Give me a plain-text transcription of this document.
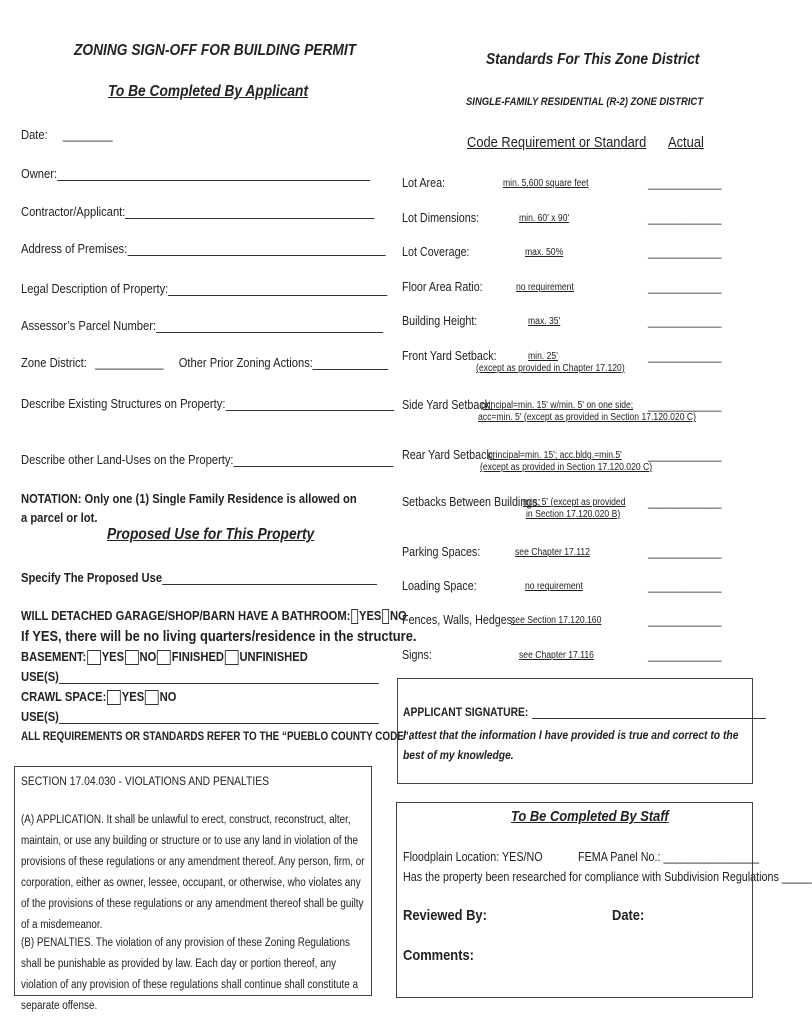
ZONING SIGN-OFF FOR BUILDING PERMIT
To Be Completed By Applicant
Date: ________
Owner:
Contractor/Applicant:
Address of Premises:
Legal Description of Property:
Assessor’s Parcel Number:
Zone District: ___________ Other Prior Zoning Actions:
Describe Existing Structures on Property:
Describe other Land-Uses on the Property:
NOTATION: Only one (1) Single Family Residence is allowed on a parcel or lot.
Proposed Use for This Property
Specify The Proposed Use
WILL DETACHED GARAGE/SHOP/BARN HAVE A BATHROOM: YES NO
If YES, there will be no living quarters/residence in the structure.
BASEMENT: YES NO FINISHED UNFINISHED
USE(S)
CRAWL SPACE: YES NO
USE(S)
ALL REQUIREMENTS OR STANDARDS REFER TO THE “PUEBLO COUNTY CODE”.
SECTION 17.04.030 - VIOLATIONS AND PENALTIES
(A) APPLICATION. It shall be unlawful to erect, construct, reconstruct, alter, maintain, or use any building or structure or to use any land in violation of the provisions of these regulations or any amendment thereof. Any person, firm, or corporation, either as owner, lessee, occupant, or otherwise, who violates any of the provisions of these regulations or any amendment thereof shall be guilty of a misdemeanor.
(B) PENALTIES. The violation of any provision of these Zoning Regulations shall be punishable as provided by law. Each day or portion thereof, any violation of any provision of these regulations shall continue shall constitute a separate offense.
Standards For This Zone District
SINGLE-FAMILY RESIDENTIAL (R-2) ZONE DISTRICT
Code Requirement or Standard Actual
Lot Area:	min. 5,600 square feet	___________
Lot Dimensions:	min. 60' x 90'	___________
Lot Coverage:	max. 50%	___________
Floor Area Ratio:	no requirement	___________
Building Height:	max. 35'	___________
Front Yard Setback:	min. 25'
(except as provided in Chapter 17.120)
___________
Side Yard Setback:
principal=min. 15' w/min. 5' on one side;
acc=min. 5' (except as provided in Section 17.120.020 C)
___________
Rear Yard Setback:
principal=min. 15'; acc.bldg.=min.5'
(except as provided in Section 17.120.020 C)
___________
Setbacks Between Buildings:
min. 5' (except as provided
in Section 17.120.020 B)
___________
Parking Spaces:	see Chapter 17.112	___________
Loading Space:	no requirement	___________
Fences, Walls, Hedges:
see Section 17.120.160	___________
Signs:	see Chapter 17.116	___________
APPLICANT SIGNATURE:
I attest that the information I have provided is true and correct to the best of my knowledge.
To Be Completed By Staff
Floodplain Location: YES/NO	FEMA Panel No.: ________________
Has the property been researched for compliance with Subdivision Regulations _____
Reviewed By:	Date:
Comments:
